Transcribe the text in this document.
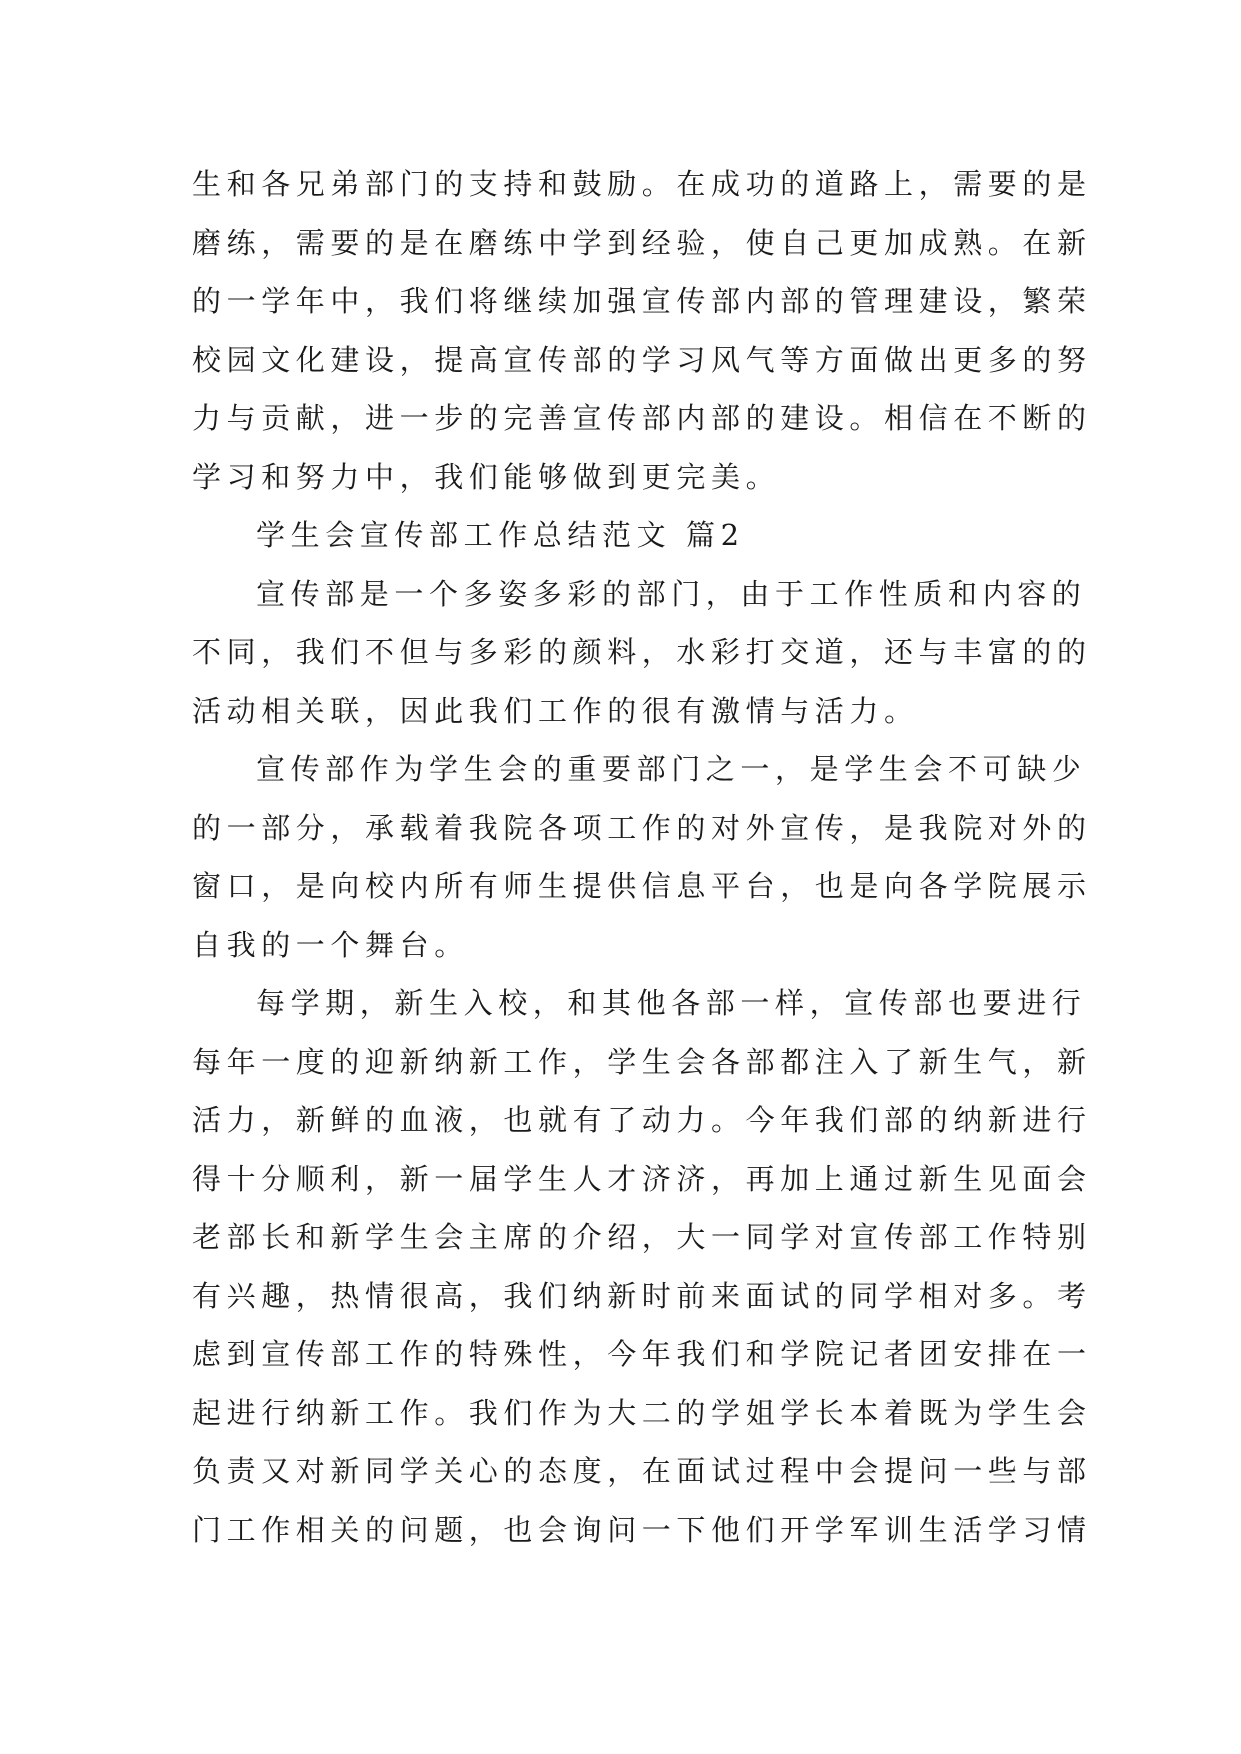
生和各兄弟部门的支持和鼓励。在成功的道路上，需要的是
磨练，需要的是在磨练中学到经验，使自己更加成熟。在新
的一学年中，我们将继续加强宣传部内部的管理建设，繁荣
校园文化建设，提高宣传部的学习风气等方面做出更多的努
力与贡献，进一步的完善宣传部内部的建设。相信在不断的
学习和努力中，我们能够做到更完美。
学生会宣传部工作总结范文 篇2
宣传部是一个多姿多彩的部门，由于工作性质和内容的
不同，我们不但与多彩的颜料，水彩打交道，还与丰富的的
活动相关联，因此我们工作的很有激情与活力。
宣传部作为学生会的重要部门之一，是学生会不可缺少
的一部分，承载着我院各项工作的对外宣传，是我院对外的
窗口，是向校内所有师生提供信息平台，也是向各学院展示
自我的一个舞台。
每学期，新生入校，和其他各部一样，宣传部也要进行
每年一度的迎新纳新工作，学生会各部都注入了新生气，新
活力，新鲜的血液，也就有了动力。今年我们部的纳新进行
得十分顺利，新一届学生人才济济，再加上通过新生见面会
老部长和新学生会主席的介绍，大一同学对宣传部工作特别
有兴趣，热情很高，我们纳新时前来面试的同学相对多。考
虑到宣传部工作的特殊性，今年我们和学院记者团安排在一
起进行纳新工作。我们作为大二的学姐学长本着既为学生会
负责又对新同学关心的态度，在面试过程中会提问一些与部
门工作相关的问题，也会询问一下他们开学军训生活学习情
